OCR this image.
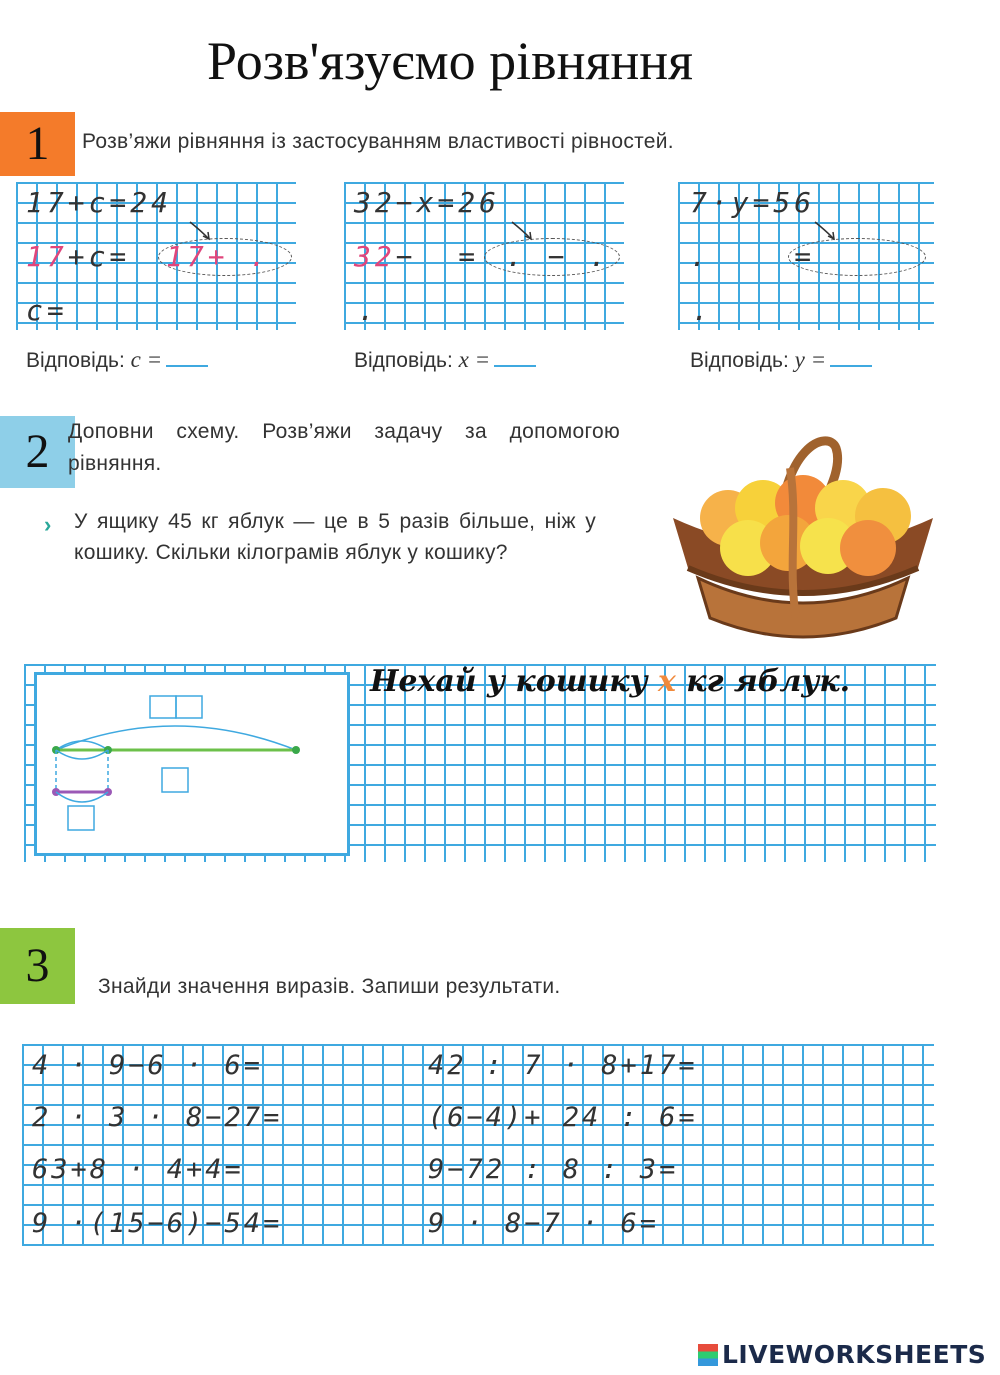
Розв'язуємо рівняння
1	Розв’яжи рівняння із застосуванням властивості рівностей.
17+c=24
17+c= 17+ .
c=
Відповідь: c =
32−x=26
32−  = . − .
.
Відповідь: x =
7·y=56
.    =
.
Відповідь: y =
2 Доповни схему. Розв’яжи задачу за допомогою рівняння.
› У ящику 45 кг яблук — це в 5 разів більше, ніж у кошику. Скільки кілограмів яблук у кошику?
Нехай у кошику х кг яблук.
3	Знайди значення виразів. Запиши результати.
4 · 9−6 · 6=
2 · 3 · 8−27=
63+8 · 4+4=
9 ·(15−6)−54=
42 : 7 · 8+17=
(6−4)+ 24 : 6=
9−72 : 8 : 3=
9 · 8−7 · 6=
LIVEWORKSHEETS
